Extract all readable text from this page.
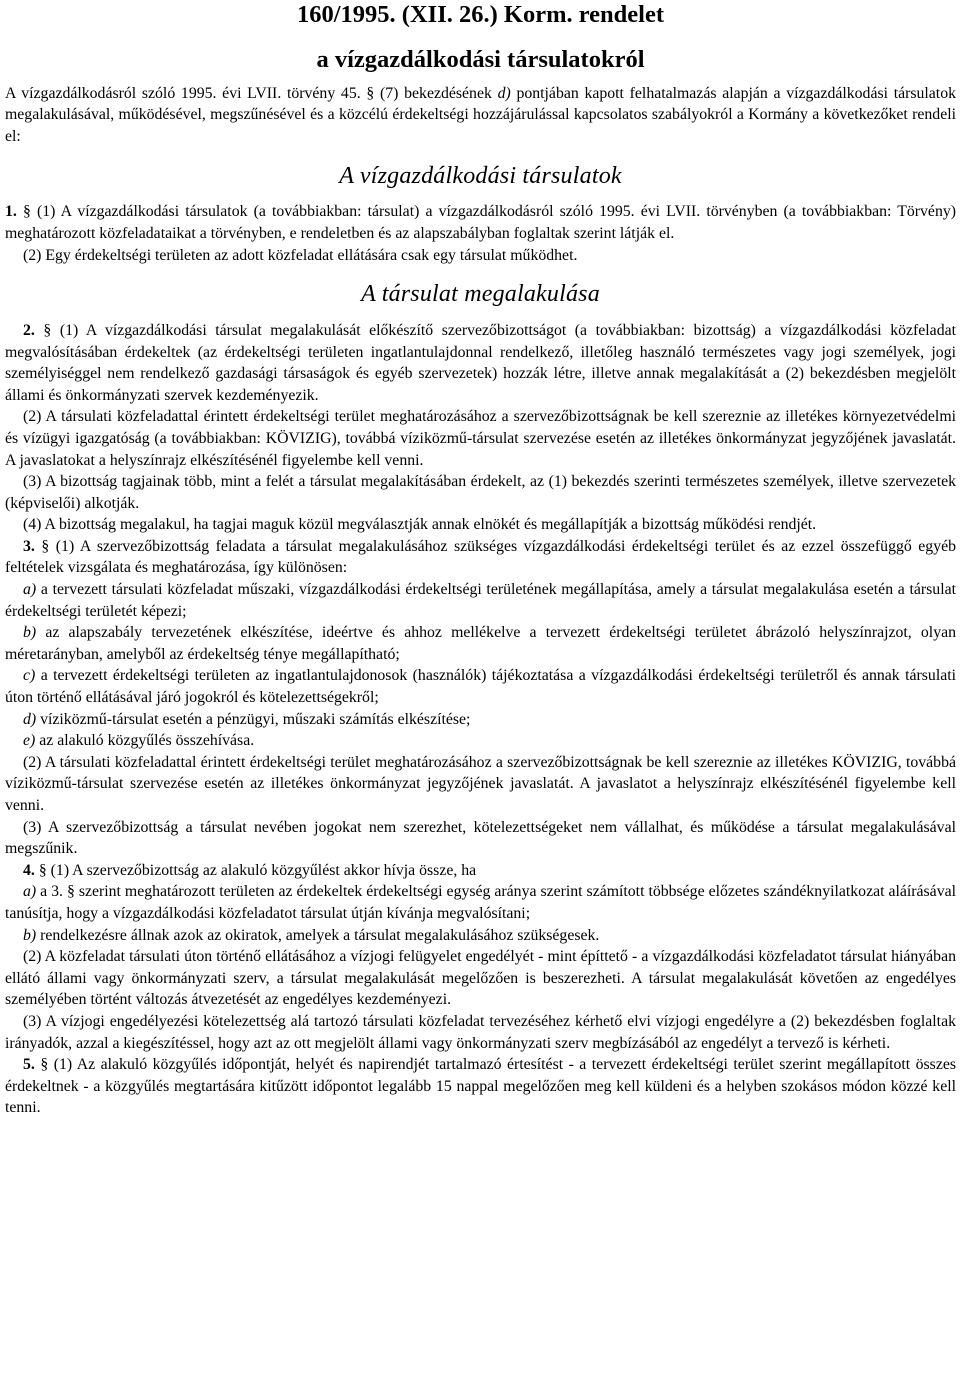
160/1995. (XII. 26.) Korm. rendelet
a vízgazdálkodási társulatokról

A vízgazdálkodásról szóló 1995. évi LVII. törvény 45. § (7) bekezdésének d) pontjában kapott felhatalmazás alapján a vízgazdálkodási társulatok megalakulásával, működésével, megszűnésével és a közcélú érdekeltségi hozzájárulással kapcsolatos szabályokról a Kormány a következőket rendeli el:

A vízgazdálkodási társulatok

1. § (1) A vízgazdálkodási társulatok (a továbbiakban: társulat) a vízgazdálkodásról szóló 1995. évi LVII. törvényben (a továbbiakban: Törvény) meghatározott közfeladataikat a törvényben, e rendeletben és az alapszabályban foglaltak szerint látják el.

(2) Egy érdekeltségi területen az adott közfeladat ellátására csak egy társulat működhet.

A társulat megalakulása

2. § (1) A vízgazdálkodási társulat megalakulását előkészítő szervezőbizottságot (a továbbiakban: bizottság) a vízgazdálkodási közfeladat megvalósításában érdekeltek (az érdekeltségi területen ingatlantulajdonnal rendelkező, illetőleg használó természetes vagy jogi személyek, jogi személyiséggel nem rendelkező gazdasági társaságok és egyéb szervezetek) hozzák létre, illetve annak megalakítását a (2) bekezdésben megjelölt állami és önkormányzati szervek kezdeményezik.

(2) A társulati közfeladattal érintett érdekeltségi terület meghatározásához a szervezőbizottságnak be kell szereznie az illetékes környezetvédelmi és vízügyi igazgatóság (a továbbiakban: KÖVIZIG), továbbá víziközmű-társulat szervezése esetén az illetékes önkormányzat jegyzőjének javaslatát. A javaslatokat a helyszínrajz elkészítésénél figyelembe kell venni.

(3) A bizottság tagjainak több, mint a felét a társulat megalakításában érdekelt, az (1) bekezdés szerinti természetes személyek, illetve szervezetek (képviselői) alkotják.

(4) A bizottság megalakul, ha tagjai maguk közül megválasztják annak elnökét és megállapítják a bizottság működési rendjét.

3. § (1) A szervezőbizottság feladata a társulat megalakulásához szükséges vízgazdálkodási érdekeltségi terület és az ezzel összefüggő egyéb feltételek vizsgálata és meghatározása, így különösen:

a) a tervezett társulati közfeladat műszaki, vízgazdálkodási érdekeltségi területének megállapítása, amely a társulat megalakulása esetén a társulat érdekeltségi területét képezi;

b) az alapszabály tervezetének elkészítése, ideértve és ahhoz mellékelve a tervezett érdekeltségi területet ábrázoló helyszínrajzot, olyan méretarányban, amelyből az érdekeltség ténye megállapítható;

c) a tervezett érdekeltségi területen az ingatlantulajdonosok (használók) tájékoztatása a vízgazdálkodási érdekeltségi területről és annak társulati úton történő ellátásával járó jogokról és kötelezettségekről;

d) víziközmű-társulat esetén a pénzügyi, műszaki számítás elkészítése;

e) az alakuló közgyűlés összehívása.

(2) A társulati közfeladattal érintett érdekeltségi terület meghatározásához a szervezőbizottságnak be kell szereznie az illetékes KÖVIZIG, továbbá víziközmű-társulat szervezése esetén az illetékes önkormányzat jegyzőjének javaslatát. A javaslatot a helyszínrajz elkészítésénél figyelembe kell venni.

(3) A szervezőbizottság a társulat nevében jogokat nem szerezhet, kötelezettségeket nem vállalhat, és működése a társulat megalakulásával megszűnik.

4. § (1) A szervezőbizottság az alakuló közgyűlést akkor hívja össze, ha

a) a 3. § szerint meghatározott területen az érdekeltek érdekeltségi egység aránya szerint számított többsége előzetes szándéknyilatkozat aláírásával tanúsítja, hogy a vízgazdálkodási közfeladatot társulat útján kívánja megvalósítani;

b) rendelkezésre állnak azok az okiratok, amelyek a társulat megalakulásához szükségesek.

(2) A közfeladat társulati úton történő ellátásához a vízjogi felügyelet engedélyét - mint építtető - a vízgazdálkodási közfeladatot társulat hiányában ellátó állami vagy önkormányzati szerv, a társulat megalakulását megelőzően is beszerezheti. A társulat megalakulását követően az engedélyes személyében történt változás átvezetését az engedélyes kezdeményezi.

(3) A vízjogi engedélyezési kötelezettség alá tartozó társulati közfeladat tervezéséhez kérhető elvi vízjogi engedélyre a (2) bekezdésben foglaltak irányadók, azzal a kiegészítéssel, hogy azt az ott megjelölt állami vagy önkormányzati szerv megbízásából az engedélyt a tervező is kérheti.

5. § (1) Az alakuló közgyűlés időpontját, helyét és napirendjét tartalmazó értesítést - a tervezett érdekeltségi terület szerint megállapított összes érdekeltnek - a közgyűlés megtartására kitűzött időpontot legalább 15 nappal megelőzően meg kell küldeni és a helyben szokásos módon közzé kell tenni.
